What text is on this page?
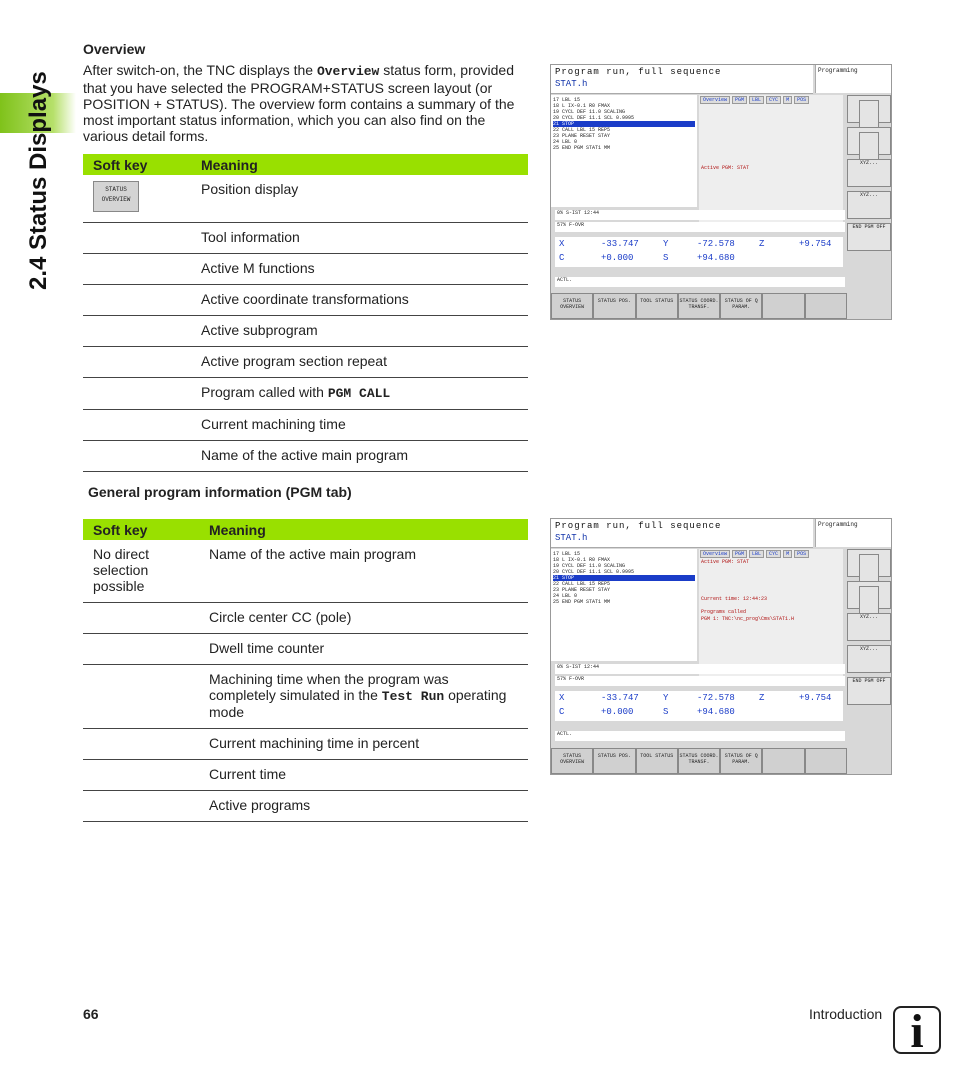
2.4 Status Displays
Overview
After switch-on, the TNC displays the Overview status form, provided that you have selected the PROGRAM+STATUS screen layout (or POSITION + STATUS). The overview form contains a summary of the most important status information, which you can also find on the various detail forms.
Soft key	Meaning

STATUS
OVERVIEW	Position display
	Tool information
	Active M functions
	Active coordinate transformations
	Active subprogram
	Active program section repeat
	Program called with PGM CALL
	Current machining time
	Name of the active main program
Program run, full sequence
STAT.h
Programming
17 LBL 15
18 L IX-0.1 R0 FMAX
19 CYCL DEF 11.0 SCALING
20 CYCL DEF 11.1 SCL 0.9995
21 STOP
22 CALL LBL 15 REP5
23 PLANE RESET STAY
24 LBL 0
25 END PGM STAT1 MM
Overview	PGM	LBL	CYC	M	POS
Active PGM: STAT
0% S-IST 12:44
57% F-OVR
X	-33.747	Y	-72.578	Z	+9.754
C	+0.000	S	+94.680
ACTL.
STATUS OVERVIEW
STATUS POS.	TOOL STATUS	STATUS COORD. TRANSF.
STATUS OF Q PARAM.
XYZ...
XYZ...
END PGM OFF
General program information (PGM tab)
Soft key	Meaning
No direct selection possible	Name of the active main program
	Circle center CC (pole)
	Dwell time counter
	Machining time when the program was completely simulated in the Test Run operating mode
	Current machining time in percent
	Current time
	Active programs
Program run, full sequence
STAT.h
Programming
17 LBL 15
18 L IX-0.1 R0 FMAX
19 CYCL DEF 11.0 SCALING
20 CYCL DEF 11.1 SCL 0.9995
21 STOP
22 CALL LBL 15 REP5
23 PLANE RESET STAY
24 LBL 0
25 END PGM STAT1 MM
Overview	PGM	LBL	CYC	M	POS
Active PGM: STAT
Current time: 12:44:23
Programs called
PGM 1: TNC:\nc_prog\Cms\STAT1.H
0% S-IST 12:44
57% F-OVR
X	-33.747	Y	-72.578	Z	+9.754
C	+0.000	S	+94.680
ACTL.
STATUS OVERVIEW
STATUS POS.	TOOL STATUS	STATUS COORD. TRANSF.
STATUS OF Q PARAM.
XYZ...
XYZ...
END PGM OFF
66	Introduction i
